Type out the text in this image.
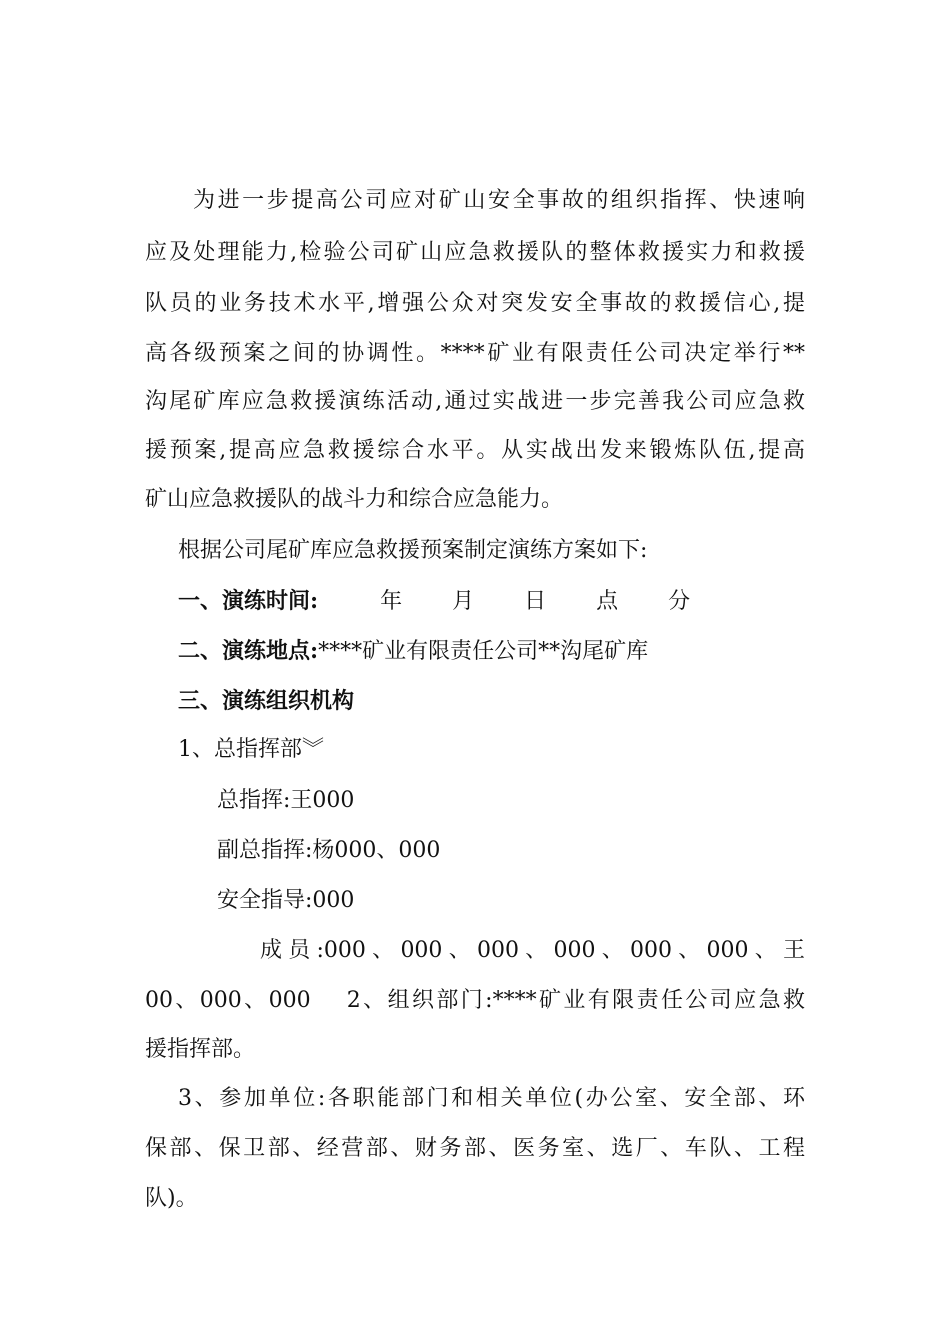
为进一步提高公司应对矿山安全事故的组织指挥、快速响
应及处理能力,检验公司矿山应急救援队的整体救援实力和救援
队员的业务技术水平,增强公众对突发安全事故的救援信心,提
高各级预案之间的协调性。****矿业有限责任公司决定举行**
沟尾矿库应急救援演练活动,通过实战进一步完善我公司应急救
援预案,提高应急救援综合水平。从实战出发来锻炼队伍,提高
矿山应急救援队的战斗力和综合应急能力。
根据公司尾矿库应急救援预案制定演练方案如下:
一、演练时间:	年 月 日 点 分
二、演练地点:****矿业有限责任公司**沟尾矿库
三、演练组织机构
1、总指挥部︾
总指挥:王000
副总指挥:杨000、000
安全指导:000
成员:000、000、000、000、000、000、王
00、000、000　 2、组织部门:****矿业有限责任公司应急救
援指挥部。
3、参加单位:各职能部门和相关单位(办公室、安全部、环
保部、保卫部、经营部、财务部、医务室、选厂、车队、工程
队)。
